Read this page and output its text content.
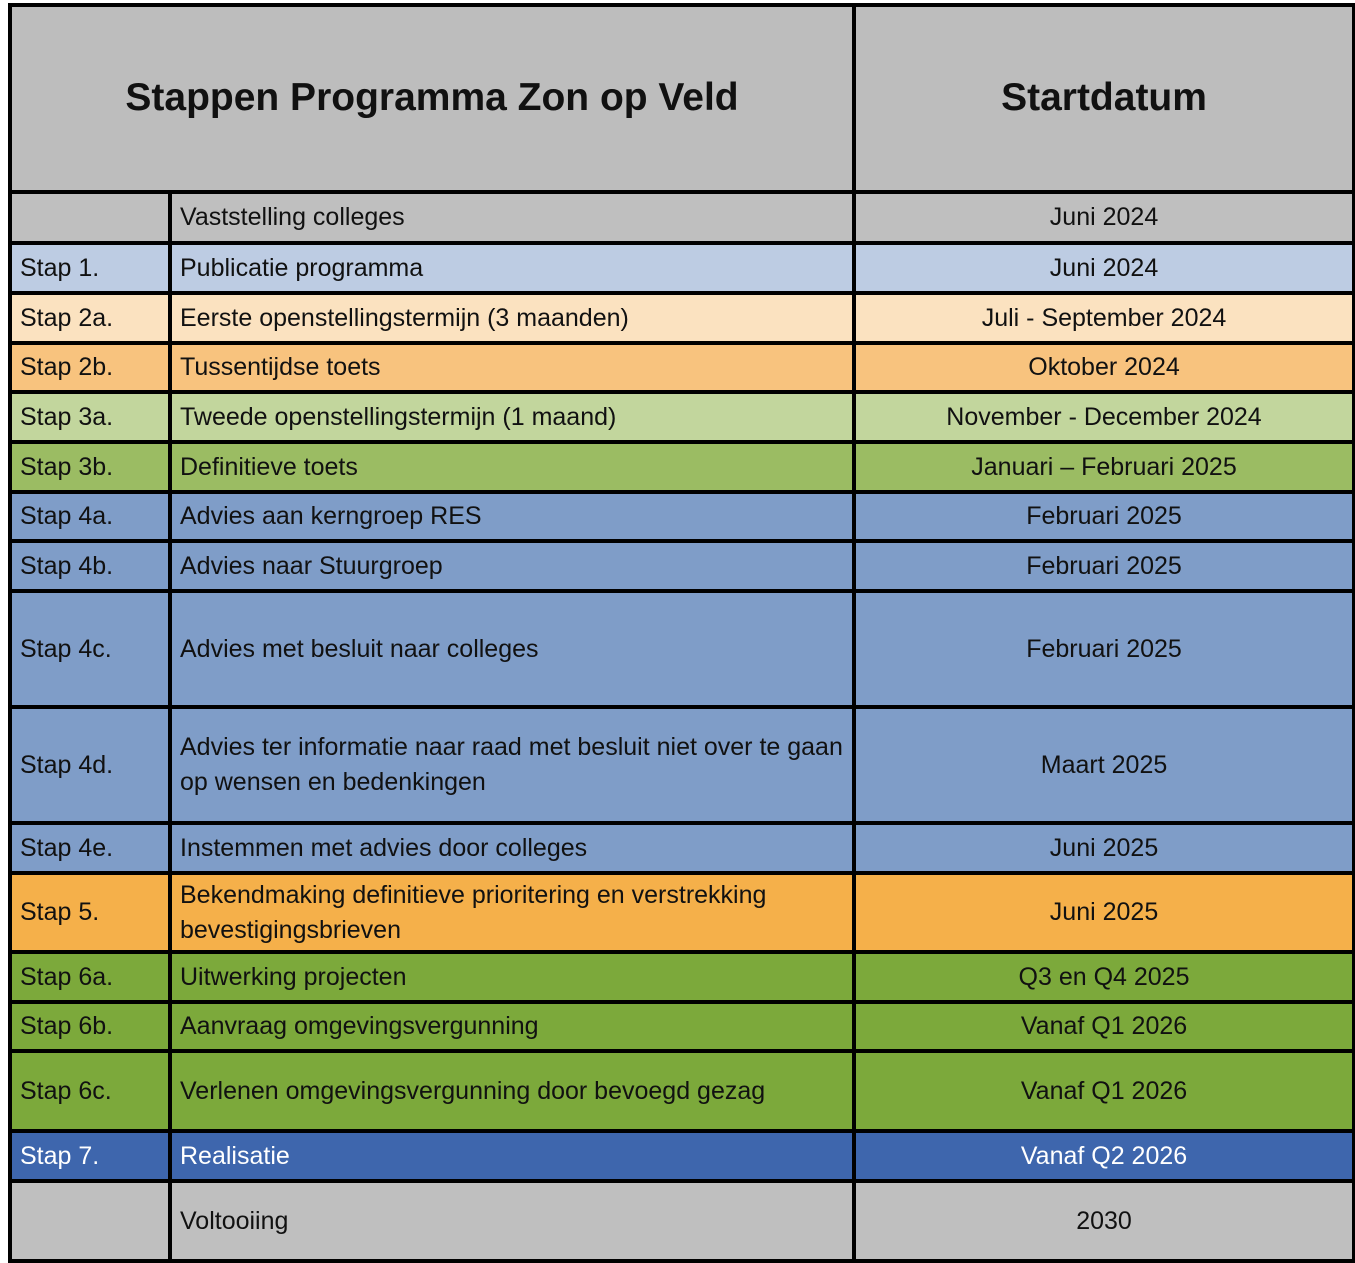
Stappen Programma Zon op Veld		Startdatum
	Vaststelling colleges	Juni 2024
Stap 1.	Publicatie programma	Juni 2024
Stap 2a.	Eerste openstellingstermijn (3 maanden)	Juli - September 2024
Stap 2b.	Tussentijdse toets	Oktober 2024
Stap 3a.	Tweede openstellingstermijn (1 maand)	November - December 2024
Stap 3b.	Definitieve toets	Januari – Februari 2025
Stap 4a.	Advies aan kerngroep RES	Februari 2025
Stap 4b.	Advies naar Stuurgroep	Februari 2025
Stap 4c.	Advies met besluit naar colleges	Februari 2025
Stap 4d.	Advies ter informatie naar raad met besluit niet over te gaan op wensen en bedenkingen	Maart 2025
Stap 4e.	Instemmen met advies door colleges	Juni 2025
Stap 5.	Bekendmaking definitieve prioritering en verstrekking bevestigingsbrieven	Juni 2025
Stap 6a.	Uitwerking projecten	Q3 en Q4 2025
Stap 6b.	Aanvraag omgevingsvergunning	Vanaf Q1 2026
Stap 6c.	Verlenen omgevingsvergunning door bevoegd gezag	Vanaf Q1 2026
Stap 7.	Realisatie	Vanaf Q2 2026
	Voltooiing	2030
